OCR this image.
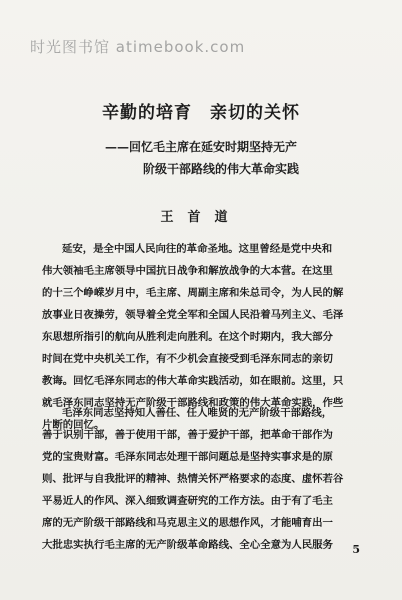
时光图书馆 atimebook.com
辛勤的培育　亲切的关怀
——回忆毛主席在延安时期坚持无产
阶级干部路线的伟大革命实践
王首道
延安，是全中国人民向往的革命圣地。这里曾经是党中央和
伟大领袖毛主席领导中国抗日战争和解放战争的大本营。在这里
的十三个峥嵘岁月中，毛主席、周副主席和朱总司令，为人民的解
放事业日夜操劳，领导着全党全军和全国人民沿着马列主义、毛泽
东思想所指引的航向从胜利走向胜利。在这个时期内，我大部分
时间在党中央机关工作，有不少机会直接受到毛泽东同志的亲切
教诲。回忆毛泽东同志的伟大革命实践活动，如在眼前。这里，只
就毛泽东同志坚持无产阶级干部路线和政策的伟大革命实践，作些
片断的回忆。
毛泽东同志坚持知人善任、任人唯贤的无产阶级干部路线，
善于识别干部，善于使用干部，善于爱护干部，把革命干部作为
党的宝贵财富。毛泽东同志处理干部问题总是坚持实事求是的原
则、批评与自我批评的精神、热情关怀严格要求的态度、虚怀若谷
平易近人的作风、深入细致调查研究的工作方法。由于有了毛主
席的无产阶级干部路线和马克思主义的思想作风，才能哺育出一
大批忠实执行毛主席的无产阶级革命路线、全心全意为人民服务	5
